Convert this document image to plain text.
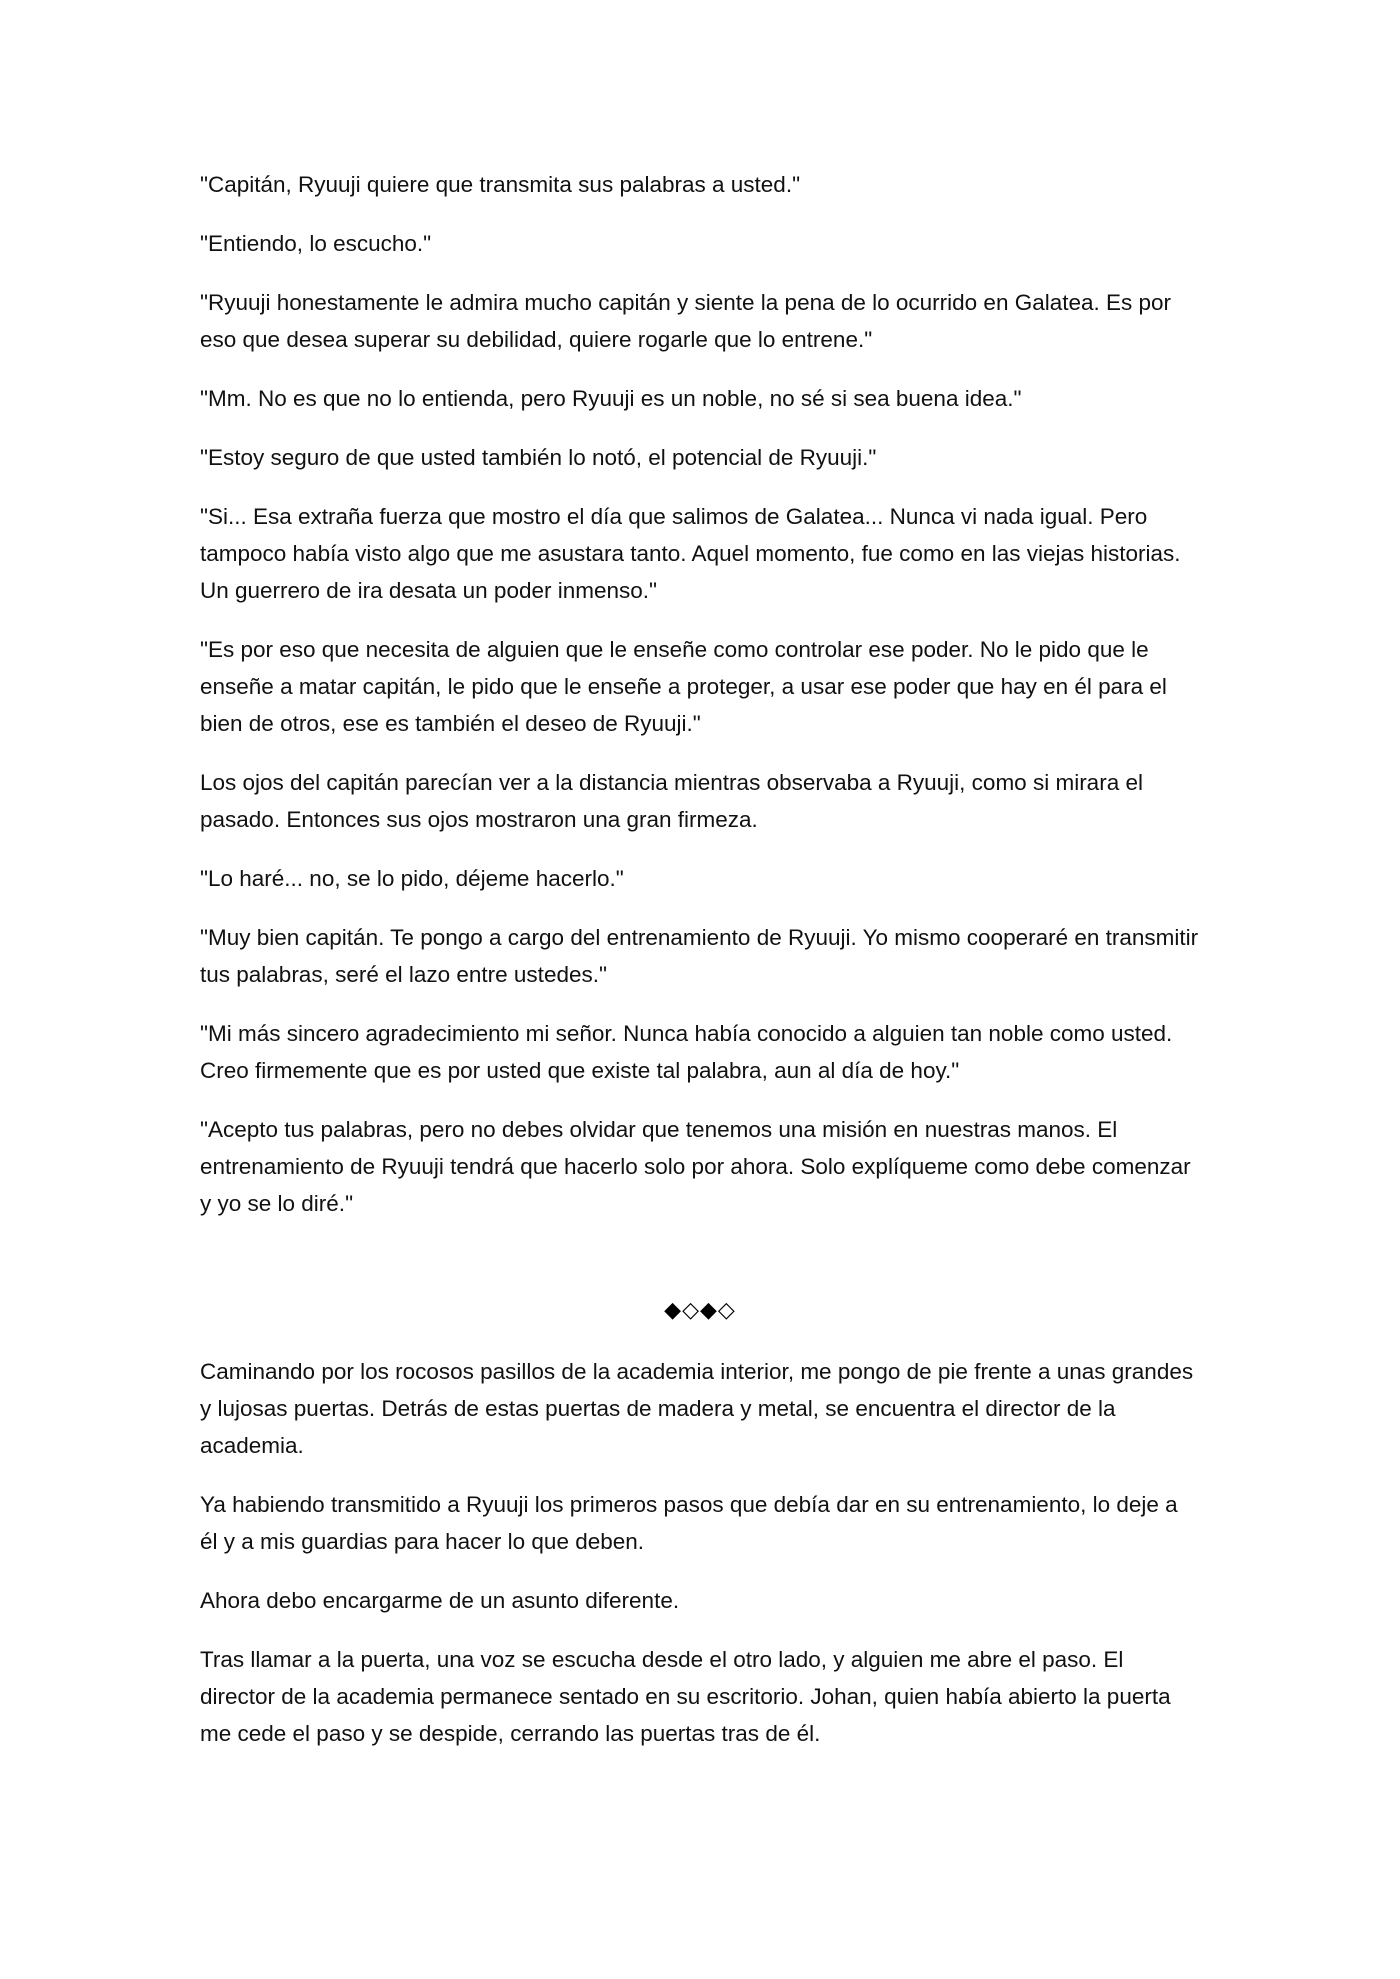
"Capitán, Ryuuji quiere que transmita sus palabras a usted."

"Entiendo, lo escucho."

"Ryuuji honestamente le admira mucho capitán y siente la pena de lo ocurrido en Galatea. Es por eso que desea superar su debilidad, quiere rogarle que lo entrene."

"Mm. No es que no lo entienda, pero Ryuuji es un noble, no sé si sea buena idea."

"Estoy seguro de que usted también lo notó, el potencial de Ryuuji."

"Si... Esa extraña fuerza que mostro el día que salimos de Galatea... Nunca vi nada igual. Pero tampoco había visto algo que me asustara tanto. Aquel momento, fue como en las viejas historias. Un guerrero de ira desata un poder inmenso."

"Es por eso que necesita de alguien que le enseñe como controlar ese poder. No le pido que le enseñe a matar capitán, le pido que le enseñe a proteger, a usar ese poder que hay en él para el bien de otros, ese es también el deseo de Ryuuji."

Los ojos del capitán parecían ver a la distancia mientras observaba a Ryuuji, como si mirara el pasado. Entonces sus ojos mostraron una gran firmeza.

"Lo haré... no, se lo pido, déjeme hacerlo."

"Muy bien capitán. Te pongo a cargo del entrenamiento de Ryuuji. Yo mismo cooperaré en transmitir tus palabras, seré el lazo entre ustedes."

"Mi más sincero agradecimiento mi señor. Nunca había conocido a alguien tan noble como usted. Creo firmemente que es por usted que existe tal palabra, aun al día de hoy."

"Acepto tus palabras, pero no debes olvidar que tenemos una misión en nuestras manos. El entrenamiento de Ryuuji tendrá que hacerlo solo por ahora. Solo explíqueme como debe comenzar y yo se lo diré."

◆◇◆◇

Caminando por los rocosos pasillos de la academia interior, me pongo de pie frente a unas grandes y lujosas puertas. Detrás de estas puertas de madera y metal, se encuentra el director de la academia.

Ya habiendo transmitido a Ryuuji los primeros pasos que debía dar en su entrenamiento, lo deje a él y a mis guardias para hacer lo que deben.

Ahora debo encargarme de un asunto diferente.

Tras llamar a la puerta, una voz se escucha desde el otro lado, y alguien me abre el paso. El director de la academia permanece sentado en su escritorio. Johan, quien había abierto la puerta me cede el paso y se despide, cerrando las puertas tras de él.
